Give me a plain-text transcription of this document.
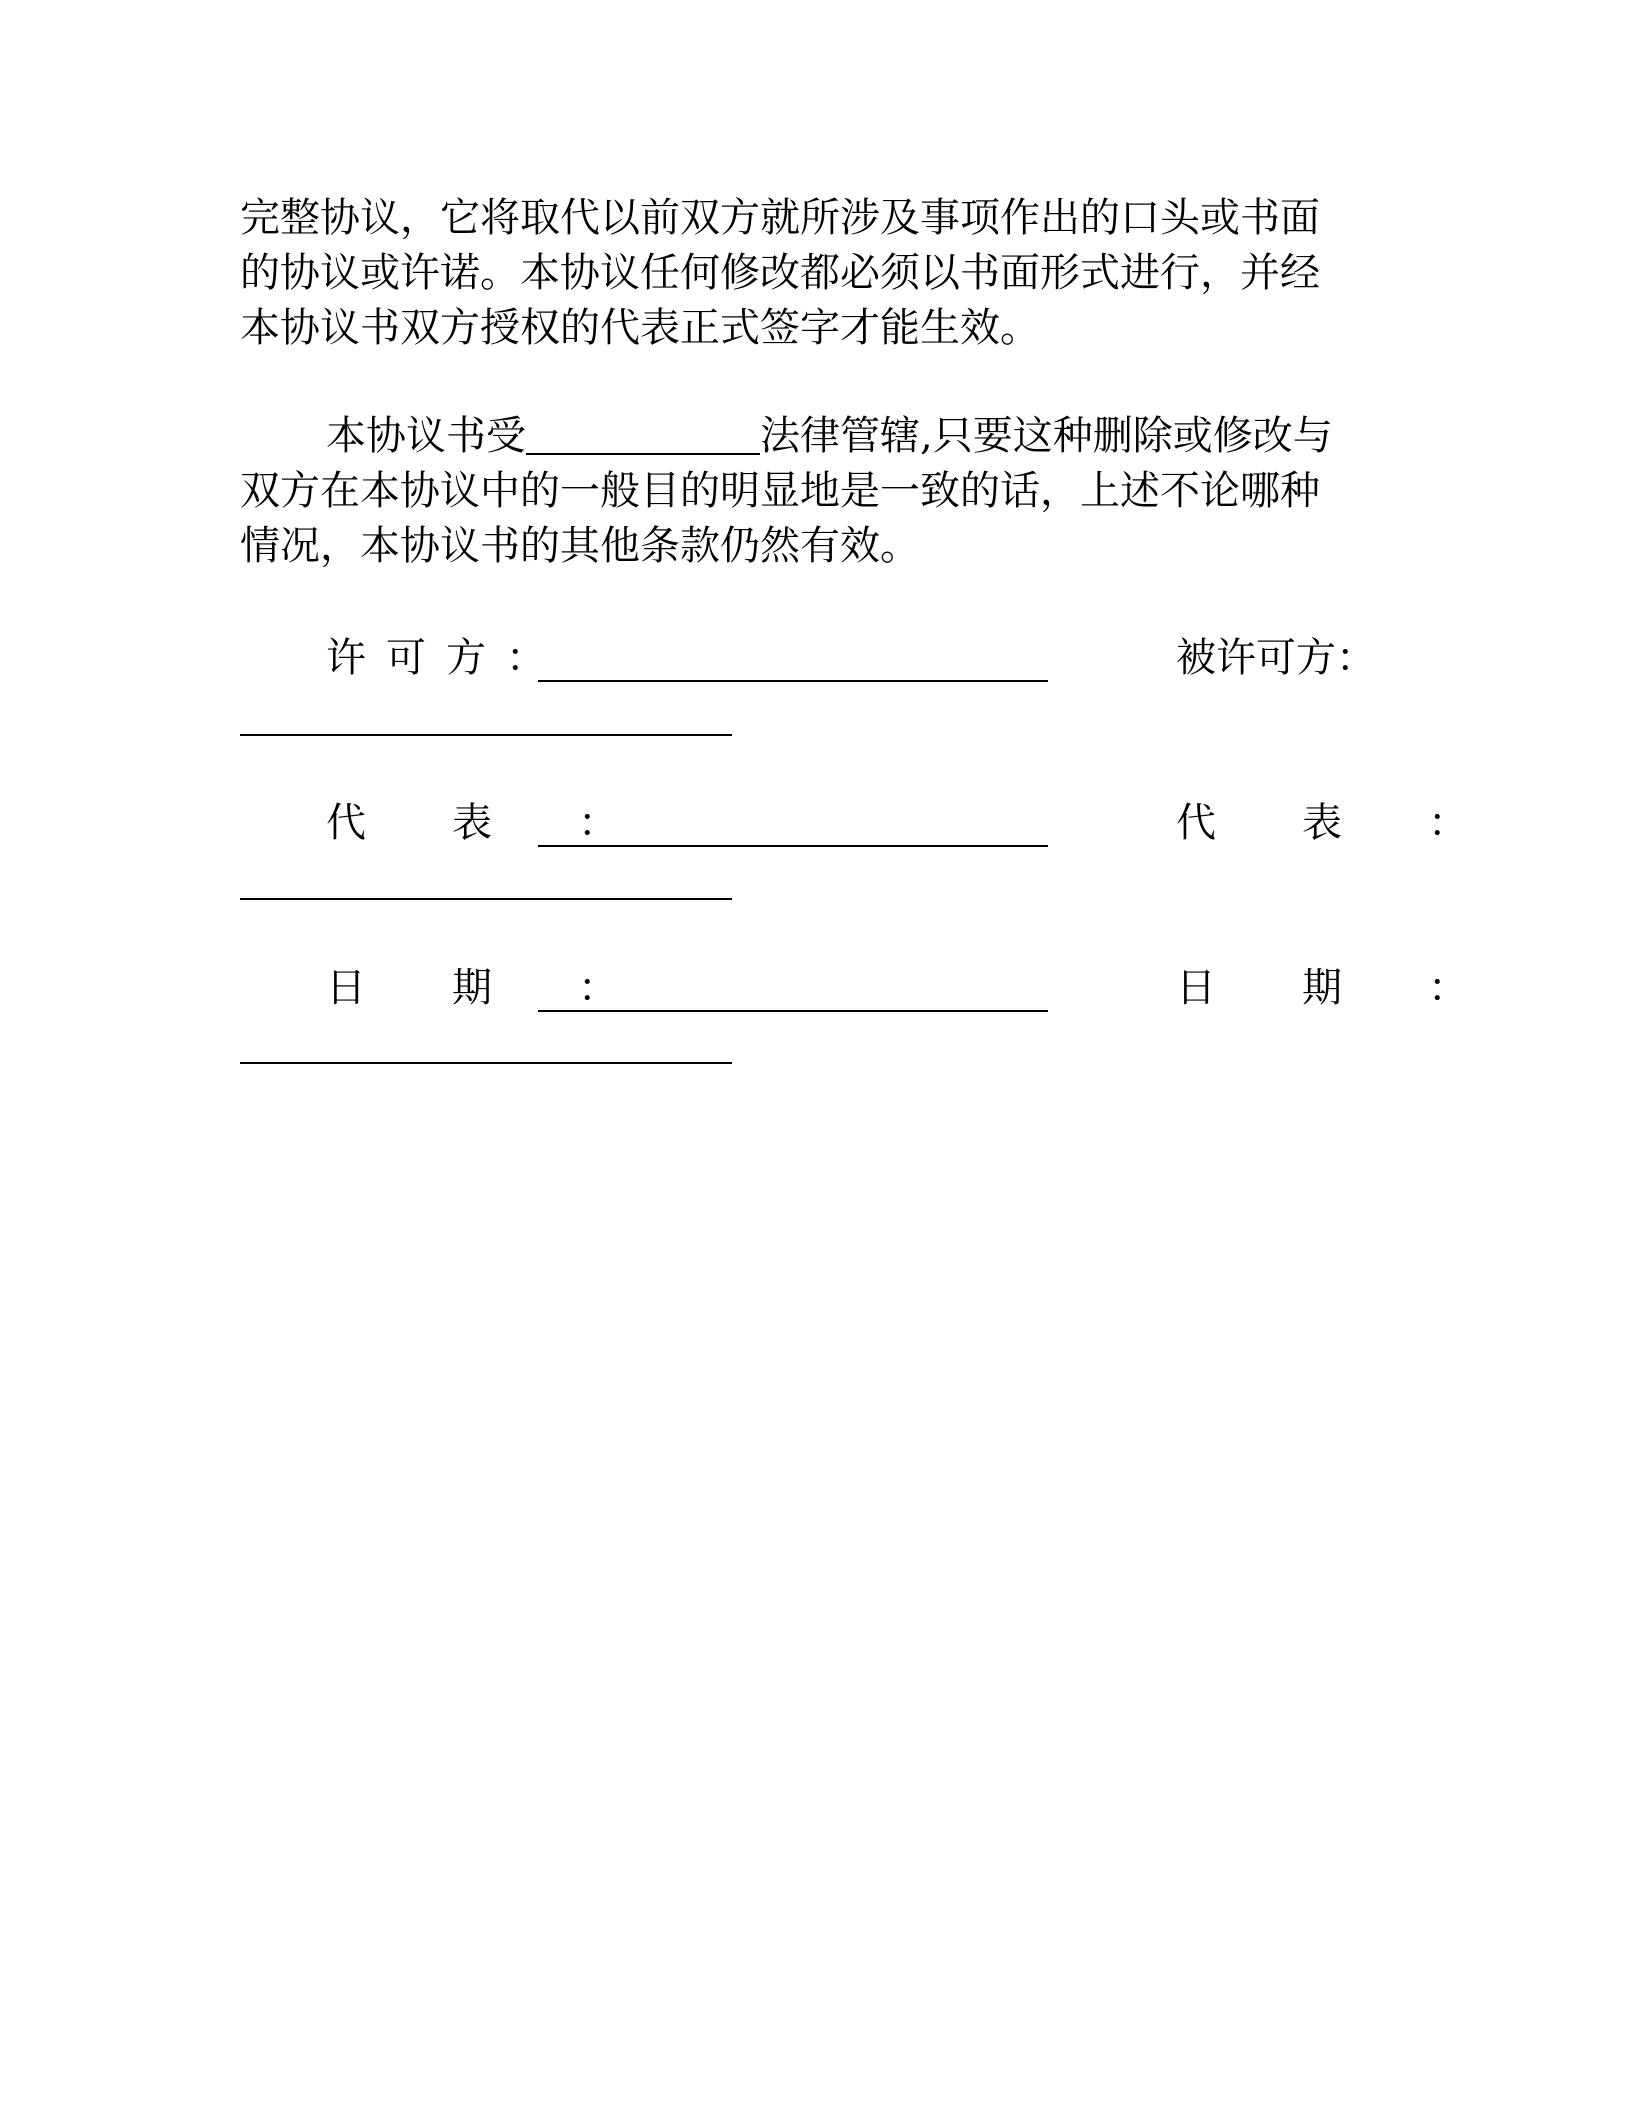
完整协议，它将取代以前双方就所涉及事项作出的口头或书面
的协议或许诺。本协议任何修改都必须以书面形式进行，并经
本协议书双方授权的代表正式签字才能生效。
本协议书受	法律管辖,只要这种删除或修改与
双方在本协议中的一般目的明显地是一致的话，上述不论哪种
情况，本协议书的其他条款仍然有效。
许可方：	被许可方：
代表：	代表：
日期：	日期：
